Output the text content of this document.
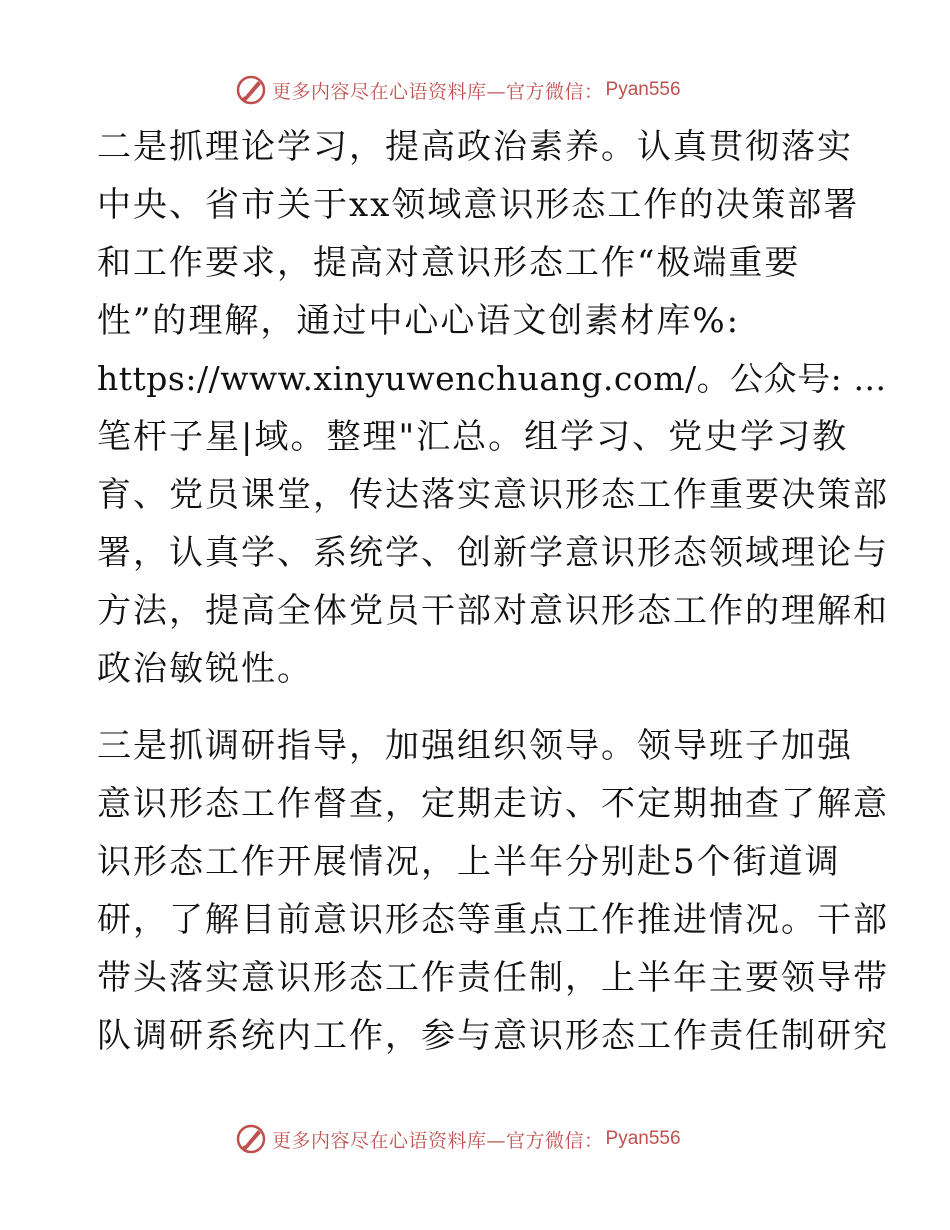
更多内容尽在心语资料库—官方微信： Pyan556
二是抓理论学习，提高政治素养。认真贯彻落实
中央、省市关于xx领域意识形态工作的决策部署
和工作要求，提高对意识形态工作“极端重要
性”的理解，通过中心心语文创素材库%:
https://www.xinyuwenchuang.com/。公众号: …
笔杆子星|域。整理"汇总。组学习、党史学习教
育、党员课堂，传达落实意识形态工作重要决策部
署，认真学、系统学、创新学意识形态领域理论与
方法，提高全体党员干部对意识形态工作的理解和
政治敏锐性。
三是抓调研指导，加强组织领导。领导班子加强
意识形态工作督查，定期走访、不定期抽查了解意
识形态工作开展情况，上半年分别赴5个街道调
研，了解目前意识形态等重点工作推进情况。干部
带头落实意识形态工作责任制，上半年主要领导带
队调研系统内工作，参与意识形态工作责任制研究
更多内容尽在心语资料库—官方微信： Pyan556
